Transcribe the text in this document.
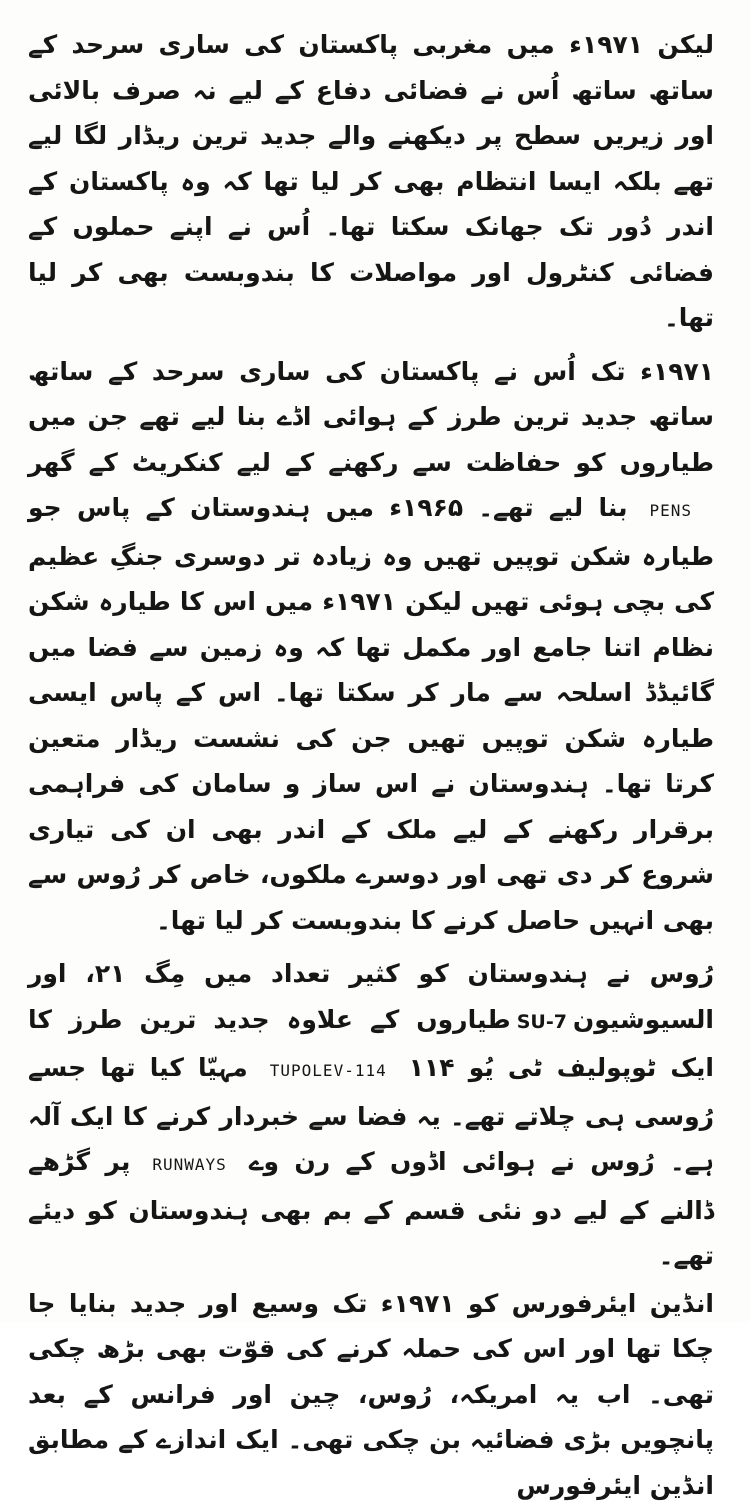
لیکن ۱۹۷۱ء میں مغربی پاکستان کی ساری سرحد کے ساتھ ساتھ اُس نے فضائی دفاع کے لیے نہ صرف بالائی اور زیریں سطح پر دیکھنے والے جدید ترین ریڈار لگا لیے تھے بلکہ ایسا انتظام بھی کر لیا تھا کہ وہ پاکستان کے اندر دُور تک جھانک سکتا تھا۔ اُس نے اپنے حملوں کے فضائی کنٹرول اور مواصلات کا بندوبست بھی کر لیا تھا۔

۱۹۷۱ء تک اُس نے پاکستان کی ساری سرحد کے ساتھ ساتھ جدید ترین طرز کے ہوائی اڈے بنا لیے تھے جن میں طیاروں کو حفاظت سے رکھنے کے لیے کنکریٹ کے گھرPENSبنا لیے تھے۔ ۱۹۶۵ء میں ہندوستان کے پاس جو طیارہ شکن توپیں تھیں وہ زیادہ تر دوسری جنگِ عظیم کی بچی ہوئی تھیں لیکن ۱۹۷۱ء میں اس کا طیارہ شکن نظام اتنا جامع اور مکمل تھا کہ وہ زمین سے فضا میں گائیڈڈ اسلحہ سے مار کر سکتا تھا۔ اس کے پاس ایسی طیارہ شکن توپیں تھیں جن کی نشست ریڈار متعین کرتا تھا۔ ہندوستان نے اس ساز و سامان کی فراہمی برقرار رکھنے کے لیے ملک کے اندر بھی ان کی تیاری شروع کر دی تھی اور دوسرے ملکوں، خاص کر رُوس سے بھی انہیں حاصل کرنے کا بندوبست کر لیا تھا۔

رُوس نے ہندوستان کو کثیر تعداد میں مِگ ۲۱، اور السیوشیونSU-7طیاروں کے علاوہ جدید ترین طرز کا ایک ٹوپولیف ٹی یُو ۱۱۴TUPOLEV-114مہیّا کیا تھا جسے رُوسی ہی چلاتے تھے۔ یہ فضا سے خبردار کرنے کا ایک آلہ ہے۔ رُوس نے ہوائی اڈوں کے رن وےRUNWAYSپر گڑھے ڈالنے کے لیے دو نئی قسم کے بم بھی ہندوستان کو دیئے تھے۔

انڈین ایئرفورس کو ۱۹۷۱ء تک وسیع اور جدید بنایا جا چکا تھا اور اس کی حملہ کرنے کی قوّت بھی بڑھ چکی تھی۔ اب یہ امریکہ، رُوس، چین اور فرانس کے بعد پانچویں بڑی فضائیہ بن چکی تھی۔ ایک اندازے کے مطابق انڈین ایئرفورس
